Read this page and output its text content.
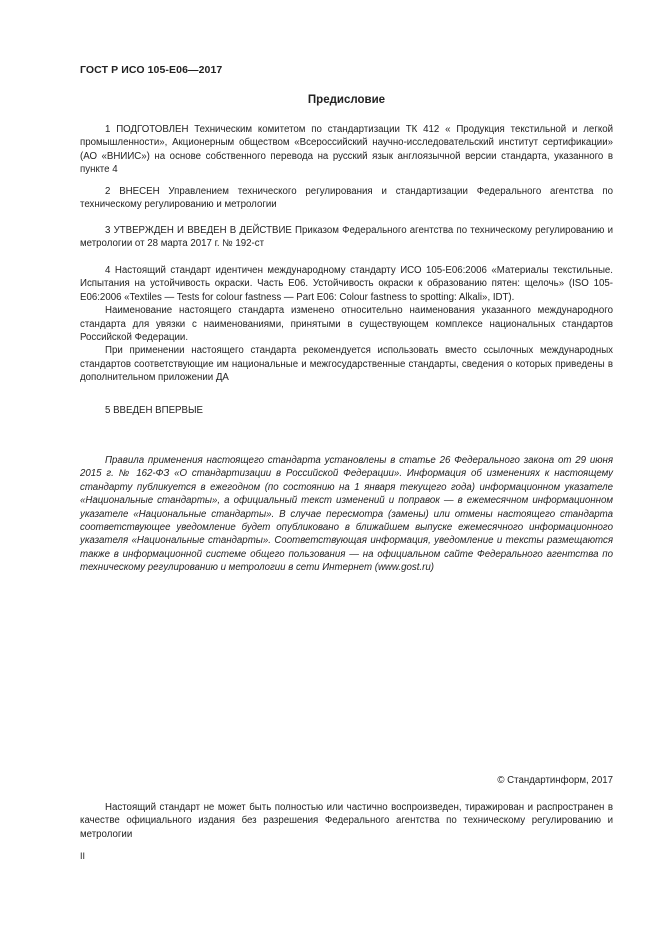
ГОСТ Р ИСО 105-Е06—2017
Предисловие

1 ПОДГОТОВЛЕН Техническим комитетом по стандартизации ТК 412 « Продукция текстильной и легкой промышленности», Акционерным обществом «Всероссийский научно-исследовательский институт сертификации» (АО «ВНИИС») на основе собственного перевода на русский язык англоязычной версии стандарта, указанного в пункте 4

2 ВНЕСЕН Управлением технического регулирования и стандартизации Федерального агентства по техническому регулированию и метрологии

3 УТВЕРЖДЕН И ВВЕДЕН В ДЕЙСТВИЕ Приказом Федерального агентства по техническому регулированию и метрологии от 28 марта 2017 г. № 192-ст

4 Настоящий стандарт идентичен международному стандарту ИСО 105-Е06:2006 «Материалы текстильные. Испытания на устойчивость окраски. Часть Е06. Устойчивость окраски к образованию пятен: щелочь» (ISO 105-E06:2006 «Textiles — Tests for colour fastness — Part E06: Colour fastness to spotting: Alkali», IDT).

Наименование настоящего стандарта изменено относительно наименования указанного международного стандарта для увязки с наименованиями, принятыми в существующем комплексе национальных стандартов Российской Федерации.

При применении настоящего стандарта рекомендуется использовать вместо ссылочных международных стандартов соответствующие им национальные и межгосударственные стандарты, сведения о которых приведены в дополнительном приложении ДА

5 ВВЕДЕН ВПЕРВЫЕ

Правила применения настоящего стандарта установлены в статье 26 Федерального закона от 29 июня 2015 г. № 162-ФЗ «О стандартизации в Российской Федерации». Информация об изменениях к настоящему стандарту публикуется в ежегодном (по состоянию на 1 января текущего года) информационном указателе «Национальные стандарты», а официальный текст изменений и поправок — в ежемесячном информационном указателе «Национальные стандарты». В случае пересмотра (замены) или отмены настоящего стандарта соответствующее уведомление будет опубликовано в ближайшем выпуске ежемесячного информационного указателя «Национальные стандарты». Соответствующая информация, уведомление и тексты размещаются также в информационной системе общего пользования — на официальном сайте Федерального агентства по техническому регулированию и метрологии в сети Интернет (www.gost.ru)

© Стандартинформ, 2017

Настоящий стандарт не может быть полностью или частично воспроизведен, тиражирован и распространен в качестве официального издания без разрешения Федерального агентства по техническому регулированию и метрологии

II
